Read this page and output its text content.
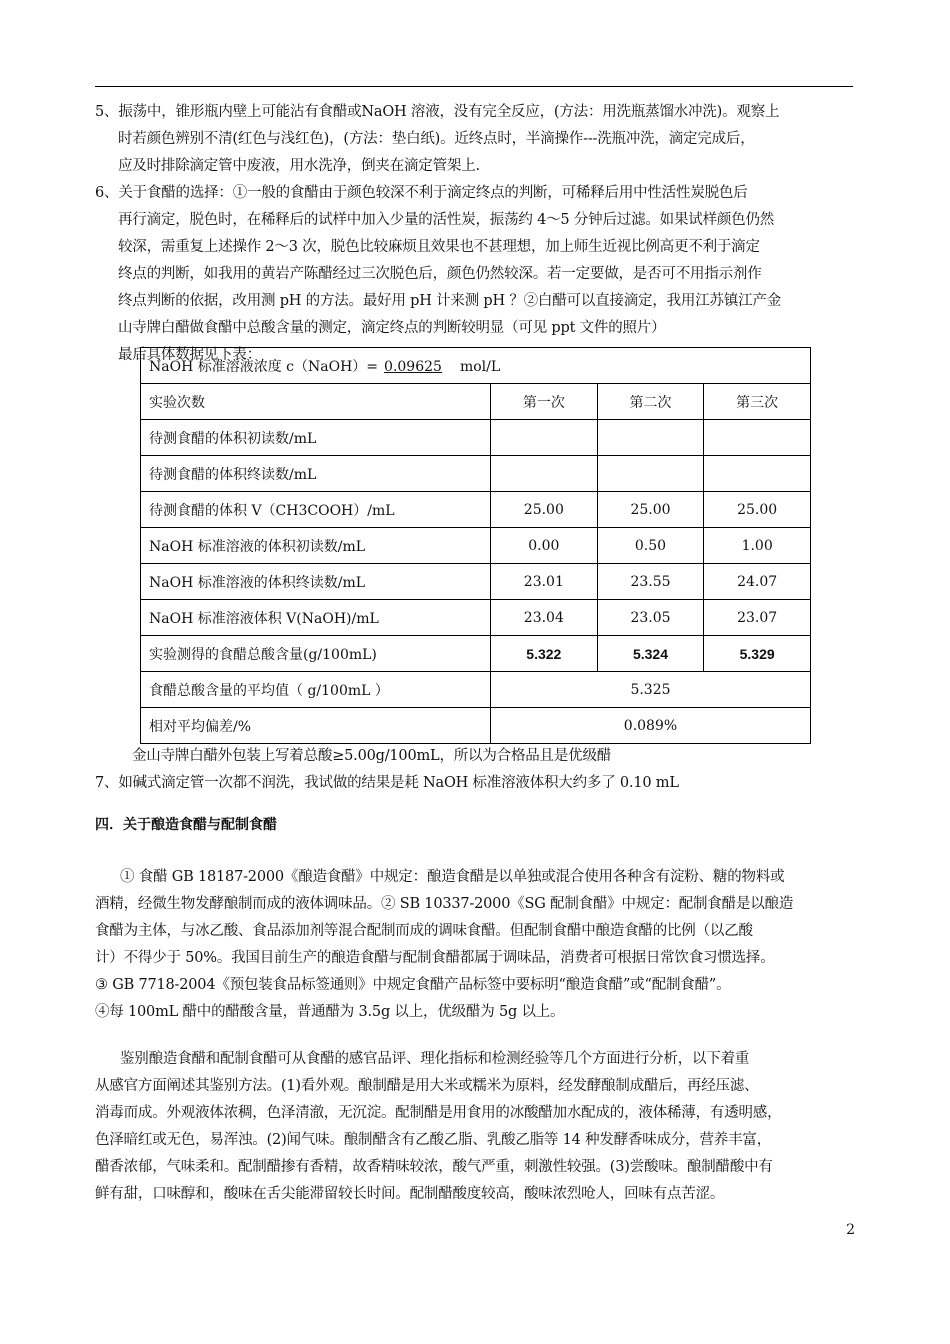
5、振荡中，锥形瓶内壁上可能沾有食醋或NaOH 溶液，没有完全反应，(方法：用洗瓶蒸馏水冲洗)。观察上
时若颜色辨别不清(红色与浅红色)，(方法：垫白纸)。近终点时，半滴操作---洗瓶冲洗，滴定完成后，
应及时排除滴定管中废液，用水洗净，倒夹在滴定管架上.
6、关于食醋的选择：①一般的食醋由于颜色较深不利于滴定终点的判断，可稀释后用中性活性炭脱色后
再行滴定，脱色时，在稀释后的试样中加入少量的活性炭，振荡约 4～5 分钟后过滤。如果试样颜色仍然
较深，需重复上述操作 2～3 次，脱色比较麻烦且效果也不甚理想，加上师生近视比例高更不利于滴定
终点的判断，如我用的黄岩产陈醋经过三次脱色后，颜色仍然较深。若一定要做，是否可不用指示剂作
终点判断的依据，改用测 pH 的方法。最好用 pH 计来测 pH ？②白醋可以直接滴定，我用江苏镇江产金
山寺牌白醋做食醋中总酸含量的测定，滴定终点的判断较明显（可见 ppt 文件的照片）
最后具体数据见下表：
NaOH 标准溶液浓度 c（NaOH）= 0.09625 mol/L			
实验次数	第一次	第二次	第三次
待测食醋的体积初读数/mL			
待测食醋的体积终读数/mL			
待测食醋的体积 V（CH3COOH）/mL	25.00	25.00	25.00
NaOH 标准溶液的体积初读数/mL	0.00	0.50	1.00
NaOH 标准溶液的体积终读数/mL	23.01	23.55	24.07
NaOH 标准溶液体积 V(NaOH)/mL	23.04	23.05	23.07
实验测得的食醋总酸含量(g/100mL)	5.322	5.324	5.329
食醋总酸含量的平均值（ g/100mL ）	5.325		
相对平均偏差/%	0.089%		
金山寺牌白醋外包装上写着总酸≥5.00g/100mL，所以为合格品且是优级醋
7、如碱式滴定管一次都不润洗，我试做的结果是耗 NaOH 标准溶液体积大约多了 0.10 mL
四．关于酿造食醋与配制食醋
① 食醋 GB 18187-2000《酿造食醋》中规定：酿造食醋是以单独或混合使用各种含有淀粉、糖的物料或
酒精，经微生物发酵酿制而成的液体调味品。② SB 10337-2000《SG 配制食醋》中规定：配制食醋是以酿造
食醋为主体，与冰乙酸、食品添加剂等混合配制而成的调味食醋。但配制食醋中酿造食醋的比例（以乙酸
计）不得少于 50%。我国目前生产的酿造食醋与配制食醋都属于调味品，消费者可根据日常饮食习惯选择。
③ GB 7718-2004《预包装食品标签通则》中规定食醋产品标签中要标明“酿造食醋”或“配制食醋”。
④每 100mL 醋中的醋酸含量，普通醋为 3.5g 以上，优级醋为 5g 以上。
鉴别酿造食醋和配制食醋可从食醋的感官品评、理化指标和检测经验等几个方面进行分析，以下着重
从感官方面阐述其鉴别方法。(1)看外观。酿制醋是用大米或糯米为原料，经发酵酿制成醋后，再经压滤、
消毒而成。外观液体浓稠，色泽清澈，无沉淀。配制醋是用食用的冰酸醋加水配成的，液体稀薄，有透明感，
色泽暗红或无色，易浑浊。(2)闻气味。酿制醋含有乙酸乙脂、乳酸乙脂等 14 种发酵香味成分，营养丰富，
醋香浓郁，气味柔和。配制醋掺有香精，故香精味较浓，酸气严重，刺激性较强。(3)尝酸味。酿制醋酸中有
鲜有甜，口味醇和，酸味在舌尖能滞留较长时间。配制醋酸度较高，酸味浓烈呛人，回味有点苦涩。
2
